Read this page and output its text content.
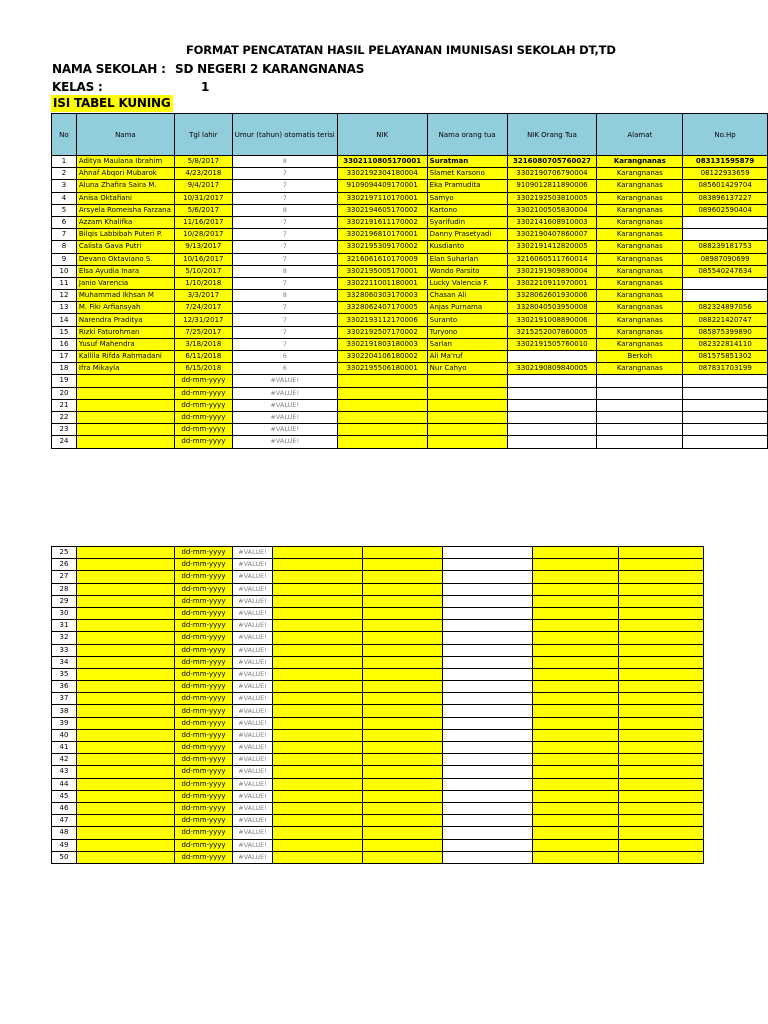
FORMAT PENCATATAN HASIL PELAYANAN IMUNISASI SEKOLAH DT,TD
NAMA SEKOLAH : SD NEGERI 2 KARANGNANAS
KELAS :	1
ISI TABEL KUNING
No	Nama	Tgl lahir	Umur (tahun) otomatis terisi	NIK	Nama orang tua	NIK Orang Tua	Alamat	No.Hp
1	Aditya Maulana Ibrahim	5/8/2017	8	3302110805170001	Suratman	3216080705760027	Karangnanas	083131595879
2	Ahnaf Abqori Mubarok	4/23/2018	7	3302192304180004	Slamet Karsono	3302190706790004	Karangnanas	08122933659
3	Aluna Zhafira Saira M.	9/4/2017	7	9109094409170001	Eka Pramudita	9109012811890006	Karangnanas	085601429704
4	Anisa Oktafiani	10/31/2017	7	3302197110170001	Samyo	3302192503810005	Karangnanas	083896137227
5	Arsyela Romeisha Farzana	5/6/2017	8	3302194605170002	Kartono	3302100505830004	Karangnanas	089602590404
6	Azzam Khalifka	11/16/2017	7	3302191611170002	Syarifudin	3302141608910003	Karangnanas	
7	Bilqis Labbibah Puteri P.	10/28/2017	7	3302196810170001	Danny Prasetyadi	3302190407860007	Karangnanas	
8	Calista Gava Putri	9/13/2017	7	3302195309170002	Kusdianto	3302191412820005	Karangnanas	088239181753
9	Devano Oktaviano S.	10/16/2017	7	3216061610170009	Elan Suharlan	3216060511760014	Karangnanas	08987090699
10	Elsa Ayudia Inara	5/10/2017	8	3302195005170001	Wondo Parsito	3302191909890004	Karangnanas	085540247634
11	Janio Varencia	1/10/2018	7	3302211001180001	Lucky Valencia F.	3302210911970001	Karangnanas	
12	Muhammad Ikhsan M	3/3/2017	8	3328060303170003	Chasan Ali	3328062601930006	Karangnanas	
13	M. Fiki Arfiansyah	7/24/2017	7	3328062407170005	Anjas Purnama	3328040503950008	Karangnanas	082324897056
14	Narendra Praditya	12/31/2017	7	3302193112170006	Suranto	3302191008890006	Karangnanas	088221420747
15	Rizki Faturohman	7/25/2017	7	3302192507170002	Turyono	3215252007860005	Karangnanas	085875399890
16	Yusuf Mahendra	3/18/2018	7	3302191803180003	Sarlan	3302191505760010	Karangnanas	082322814110
17	Kallila Rifda Rahmadani	6/11/2018	6	3302204106180002	Ali Ma'ruf		Berkoh	081575851302
18	Ifra Mikayla	6/15/2018	6	3302195506180001	Nur Cahyo	3302190809840005	Karangnanas	087831703199
19		dd-mm-yyyy	#VALUE!					
20		dd-mm-yyyy	#VALUE!					
21		dd-mm-yyyy	#VALUE!					
22		dd-mm-yyyy	#VALUE!					
23		dd-mm-yyyy	#VALUE!					
24		dd-mm-yyyy	#VALUE!					
25		dd-mm-yyyy	#VALUE!					
26		dd-mm-yyyy	#VALUE!					
27		dd-mm-yyyy	#VALUE!					
28		dd-mm-yyyy	#VALUE!					
29		dd-mm-yyyy	#VALUE!					
30		dd-mm-yyyy	#VALUE!					
31		dd-mm-yyyy	#VALUE!					
32		dd-mm-yyyy	#VALUE!					
33		dd-mm-yyyy	#VALUE!					
34		dd-mm-yyyy	#VALUE!					
35		dd-mm-yyyy	#VALUE!					
36		dd-mm-yyyy	#VALUE!					
37		dd-mm-yyyy	#VALUE!					
38		dd-mm-yyyy	#VALUE!					
39		dd-mm-yyyy	#VALUE!					
40		dd-mm-yyyy	#VALUE!					
41		dd-mm-yyyy	#VALUE!					
42		dd-mm-yyyy	#VALUE!					
43		dd-mm-yyyy	#VALUE!					
44		dd-mm-yyyy	#VALUE!					
45		dd-mm-yyyy	#VALUE!					
46		dd-mm-yyyy	#VALUE!					
47		dd-mm-yyyy	#VALUE!					
48		dd-mm-yyyy	#VALUE!					
49		dd-mm-yyyy	#VALUE!					
50		dd-mm-yyyy	#VALUE!					
